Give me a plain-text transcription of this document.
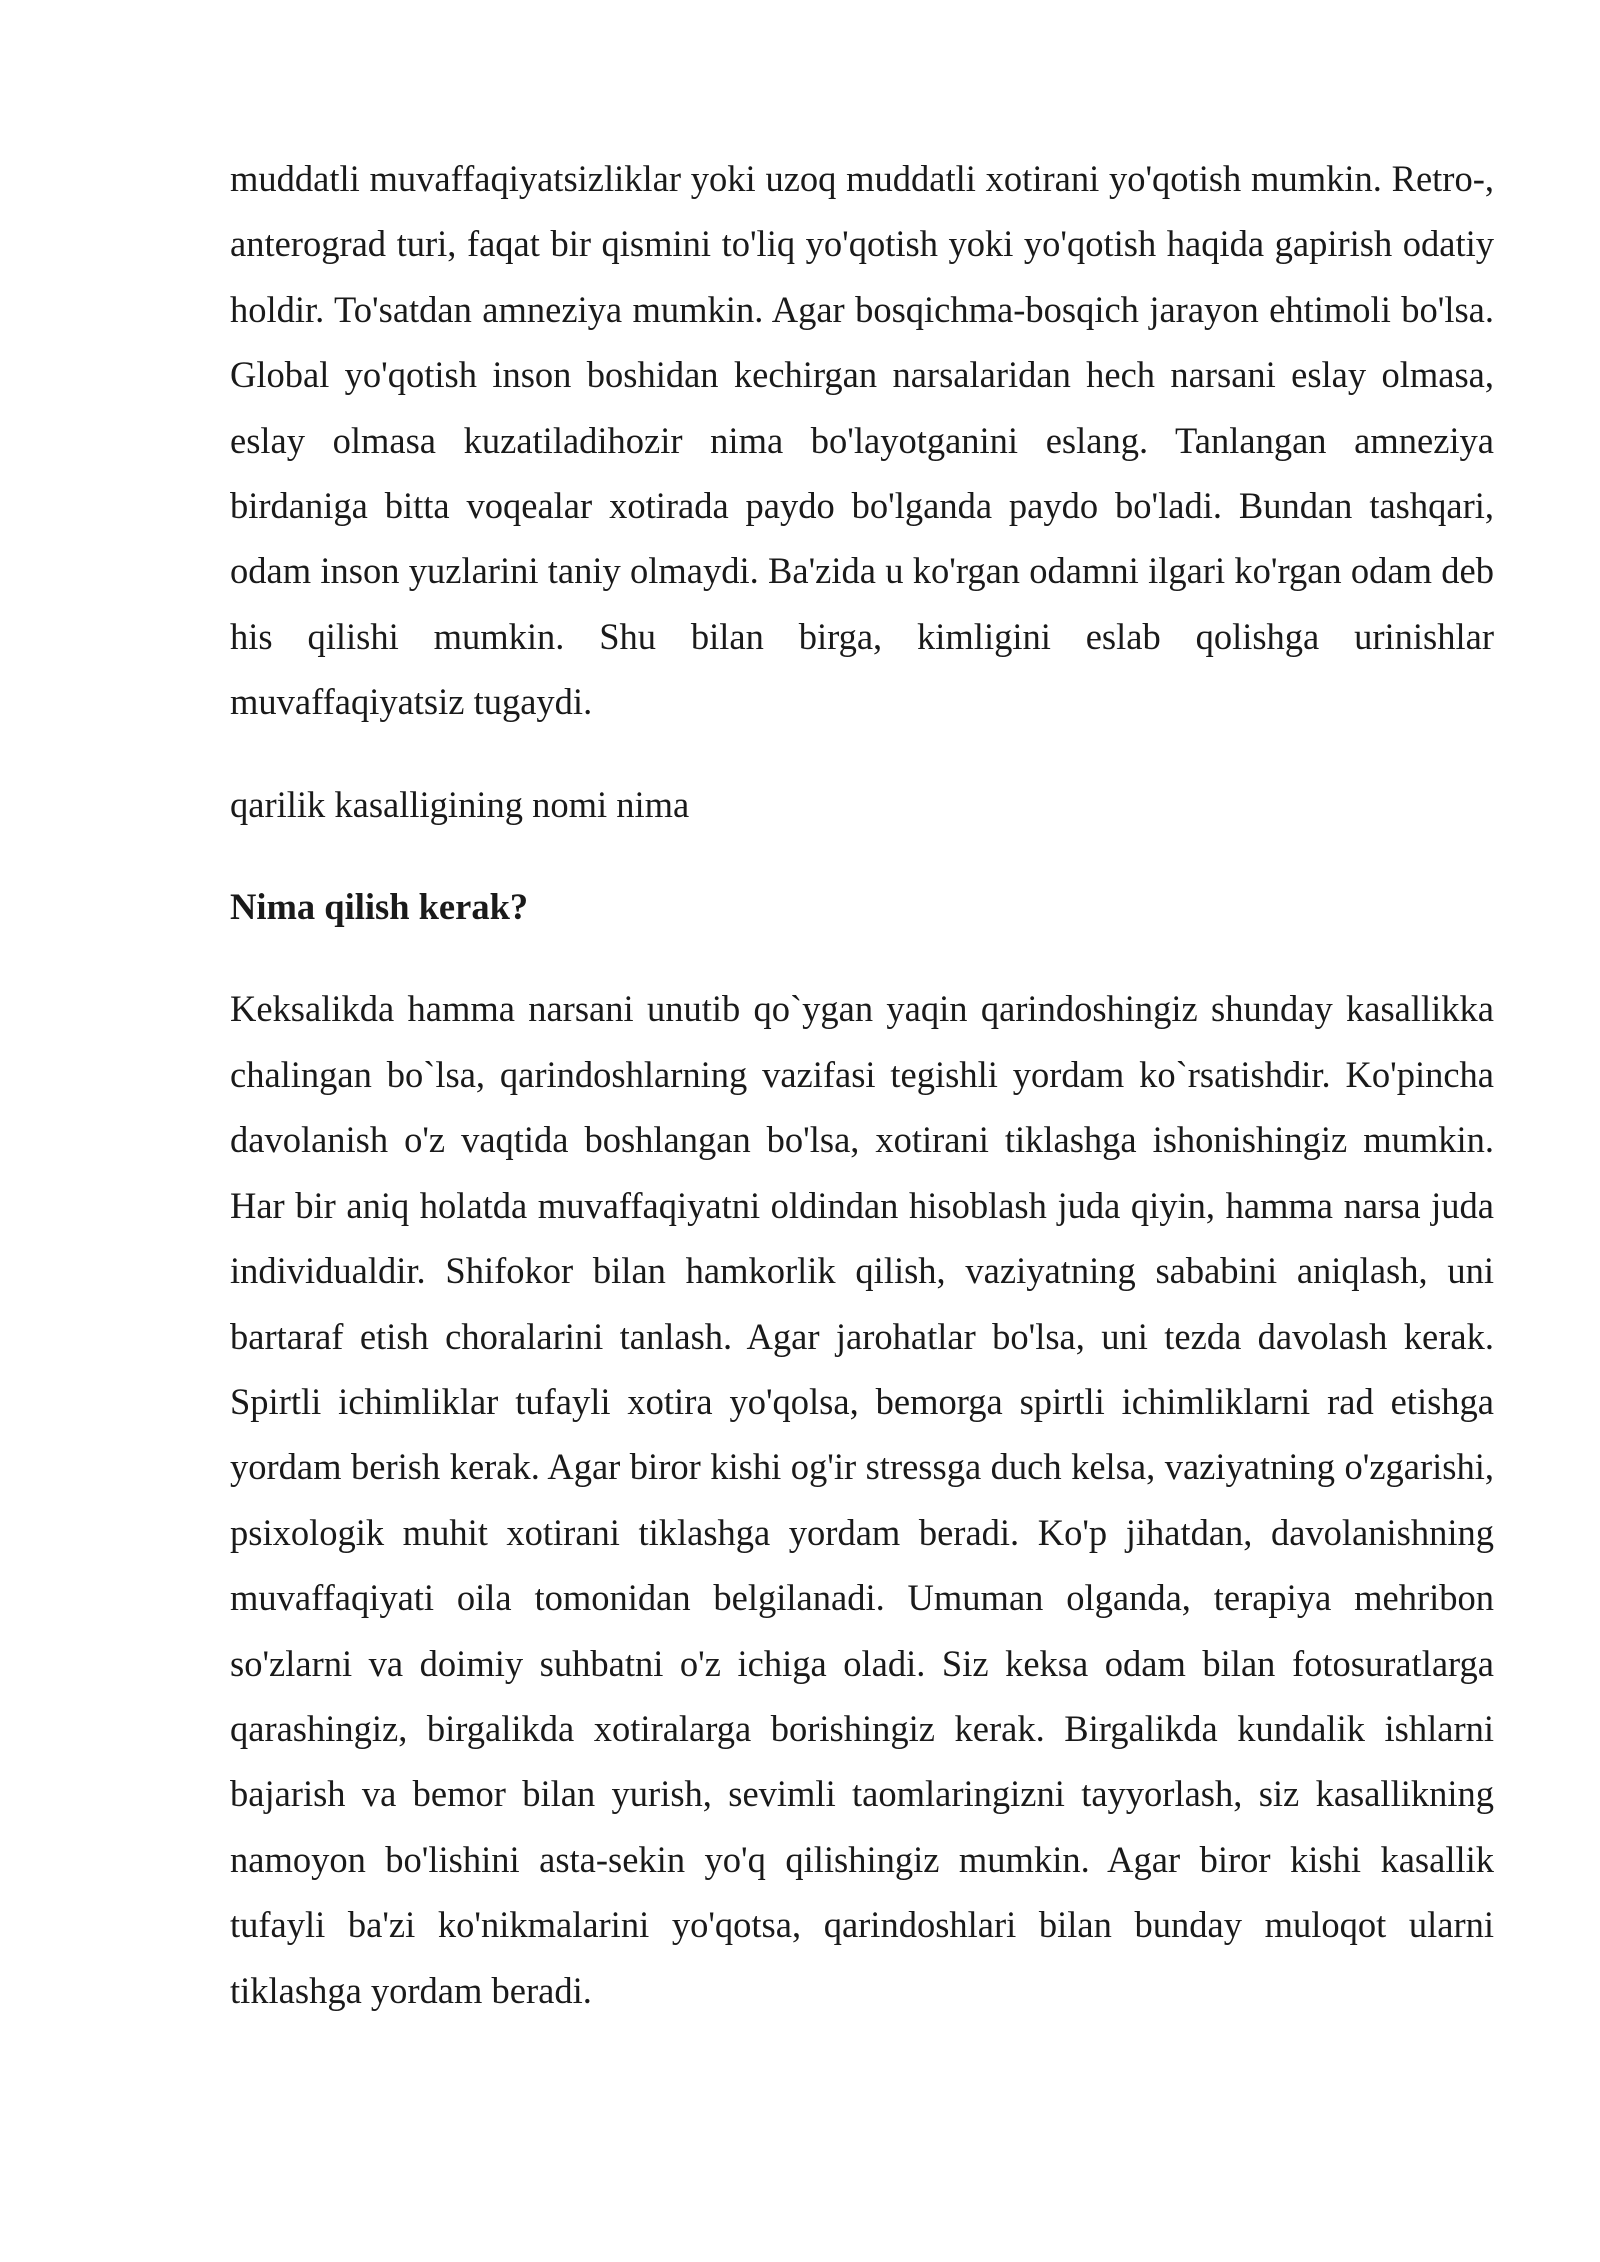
muddatli muvaffaqiyatsizliklar yoki uzoq muddatli xotirani yo'qotish mumkin. Retro-, anterograd turi, faqat bir qismini to'liq yo'qotish yoki yo'qotish haqida gapirish odatiy holdir. To'satdan amneziya mumkin. Agar bosqichma-bosqich jarayon ehtimoli bo'lsa. Global yo'qotish inson boshidan kechirgan narsalaridan hech narsani eslay olmasa, eslay olmasa kuzatiladihozir nima bo'layotganini eslang. Tanlangan amneziya birdaniga bitta voqealar xotirada paydo bo'lganda paydo bo'ladi. Bundan tashqari, odam inson yuzlarini taniy olmaydi. Ba'zida u ko'rgan odamni ilgari ko'rgan odam deb his qilishi mumkin. Shu bilan birga, kimligini eslab qolishga urinishlar muvaffaqiyatsiz tugaydi.

qarilik kasalligining nomi nima

Nima qilish kerak?

Keksalikda hamma narsani unutib qo`ygan yaqin qarindoshingiz shunday kasallikka chalingan bo`lsa, qarindoshlarning vazifasi tegishli yordam ko`rsatishdir. Ko'pincha davolanish o'z vaqtida boshlangan bo'lsa, xotirani tiklashga ishonishingiz mumkin. Har bir aniq holatda muvaffaqiyatni oldindan hisoblash juda qiyin, hamma narsa juda individualdir. Shifokor bilan hamkorlik qilish, vaziyatning sababini aniqlash, uni bartaraf etish choralarini tanlash. Agar jarohatlar bo'lsa, uni tezda davolash kerak. Spirtli ichimliklar tufayli xotira yo'qolsa, bemorga spirtli ichimliklarni rad etishga yordam berish kerak. Agar biror kishi og'ir stressga duch kelsa, vaziyatning o'zgarishi, psixologik muhit xotirani tiklashga yordam beradi. Ko'p jihatdan, davolanishning muvaffaqiyati oila tomonidan belgilanadi. Umuman olganda, terapiya mehribon so'zlarni va doimiy suhbatni o'z ichiga oladi. Siz keksa odam bilan fotosuratlarga qarashingiz, birgalikda xotiralarga borishingiz kerak. Birgalikda kundalik ishlarni bajarish va bemor bilan yurish, sevimli taomlaringizni tayyorlash, siz kasallikning namoyon bo'lishini asta-sekin yo'q qilishingiz mumkin. Agar biror kishi kasallik tufayli ba'zi ko'nikmalarini yo'qotsa, qarindoshlari bilan bunday muloqot ularni tiklashga yordam beradi.
